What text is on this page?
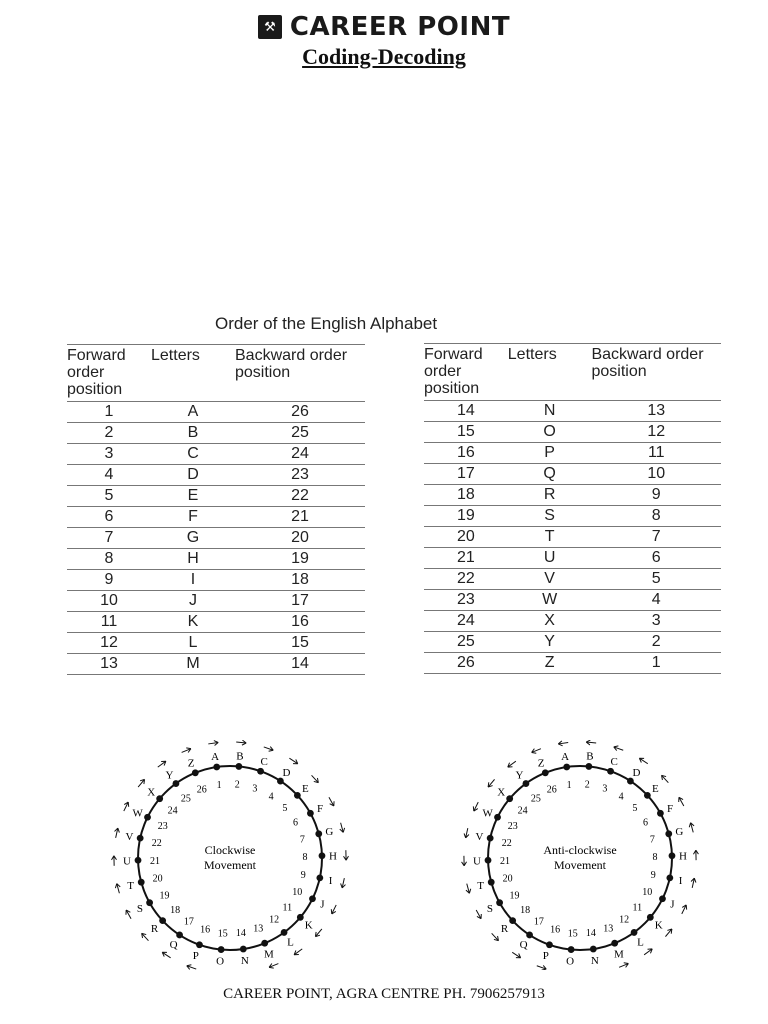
⚒ CAREER POINT
Coding-Decoding
Order of the English Alphabet
Forward order position	Letters	Backward order position
1	A	26
2	B	25
3	C	24
4	D	23
5	E	22
6	F	21
7	G	20
8	H	19
9	I	18
10	J	17
11	K	16
12	L	15
13	M	14
Forward order position	Letters	Backward order position
14	N	13
15	O	12
16	P	11
17	Q	10
18	R	9
19	S	8
20	T	7
21	U	6
22	V	5
23	W	4
24	X	3
25	Y	2
26	Z	1
A
1
B
2
C
3
D
4
E
5	F
6
G
7
H
8
I
9
J
10
K
11
L
12
M
13
N
14
O
15
P
16
Q
17
R
18
S
19
T
20
U 21
V
22
W
23
X
24
Y
25
Z
26
Clockwise
Movement
A
1
B
2
C
3
D
4
E
5	F
6
G
7
H
8
I
9
J
10
K
11
L
12
M
13
N
14
O
15
P
16
Q
17
R
18
S
19
T
20
U 21
V
22
W
23
X
24
Y
25
Z
26
Anti-clockwise
Movement
CAREER POINT, AGRA CENTRE PH. 7906257913
